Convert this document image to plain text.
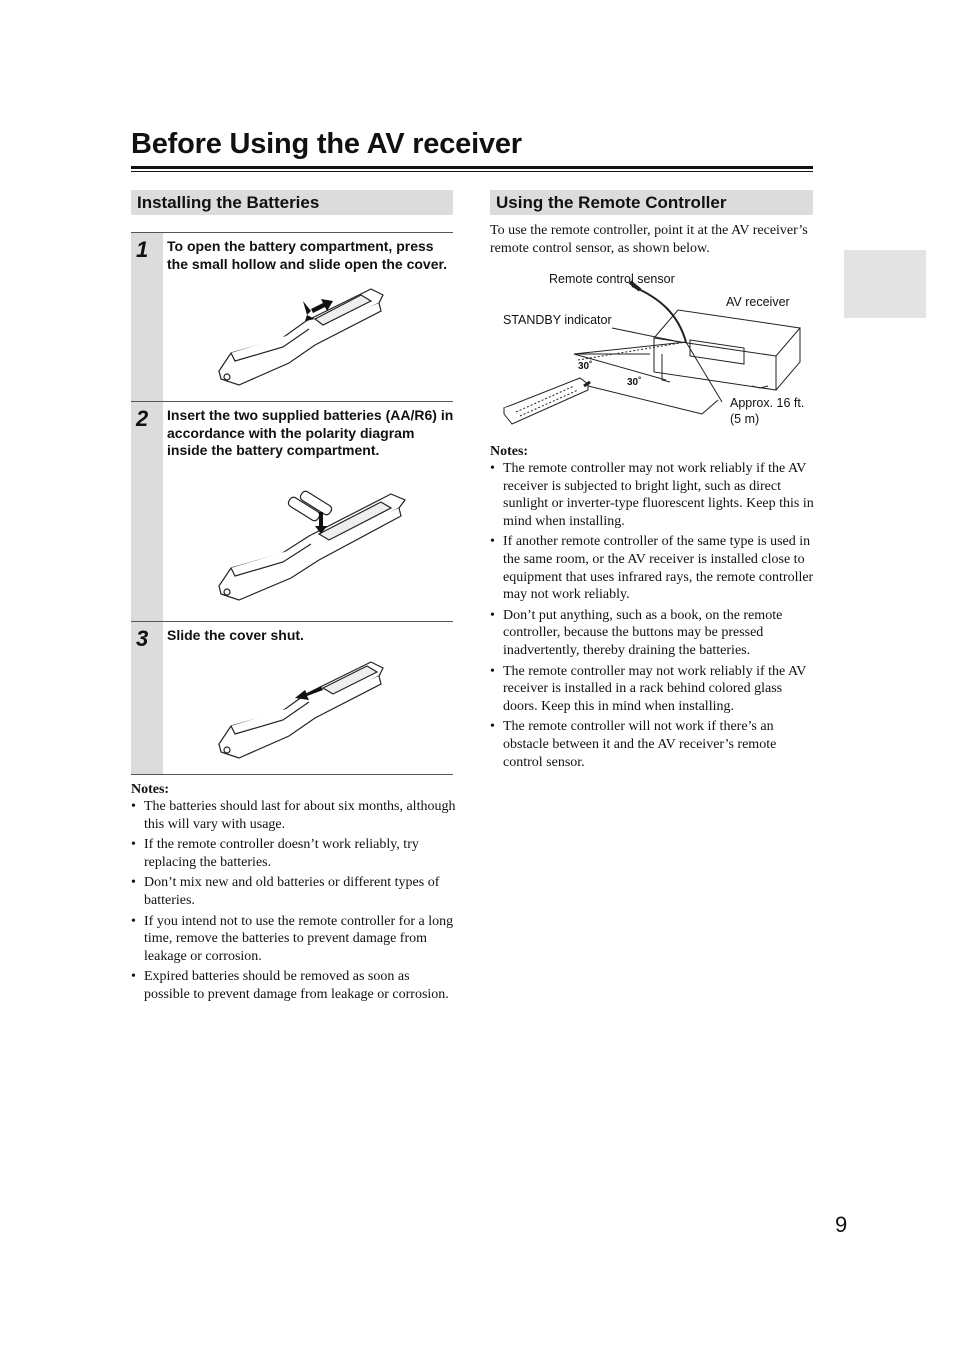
Before Using the AV receiver
Installing the Batteries
1 To open the battery compartment, press the small hollow and slide open the cover.
2 Insert the two supplied batteries (AA/R6) in accordance with the polarity diagram inside the battery compartment.
3 Slide the cover shut.
Notes:
• The batteries should last for about six months, although this will vary with usage.
• If the remote controller doesn’t work reliably, try replacing the batteries.
• Don’t mix new and old batteries or different types of batteries.
• If you intend not to use the remote controller for a long time, remove the batteries to prevent damage from leakage or corrosion.
• Expired batteries should be removed as soon as possible to prevent damage from leakage or corrosion.
Using the Remote Controller
To use the remote controller, point it at the AV receiver’s remote control sensor, as shown below.
Remote control sensor
AV receiver
STANDBY indicator
30˚
30˚
Approx. 16 ft.
(5 m)
Notes:
• The remote controller may not work reliably if the AV receiver is subjected to bright light, such as direct sunlight or inverter-type fluorescent lights. Keep this in mind when installing.
• If another remote controller of the same type is used in the same room, or the AV receiver is installed close to equipment that uses infrared rays, the remote controller may not work reliably.
• Don’t put anything, such as a book, on the remote controller, because the buttons may be pressed inadvertently, thereby draining the batteries.
• The remote controller may not work reliably if the AV receiver is installed in a rack behind colored glass doors. Keep this in mind when installing.
• The remote controller will not work if there’s an obstacle between it and the AV receiver’s remote control sensor.
9
